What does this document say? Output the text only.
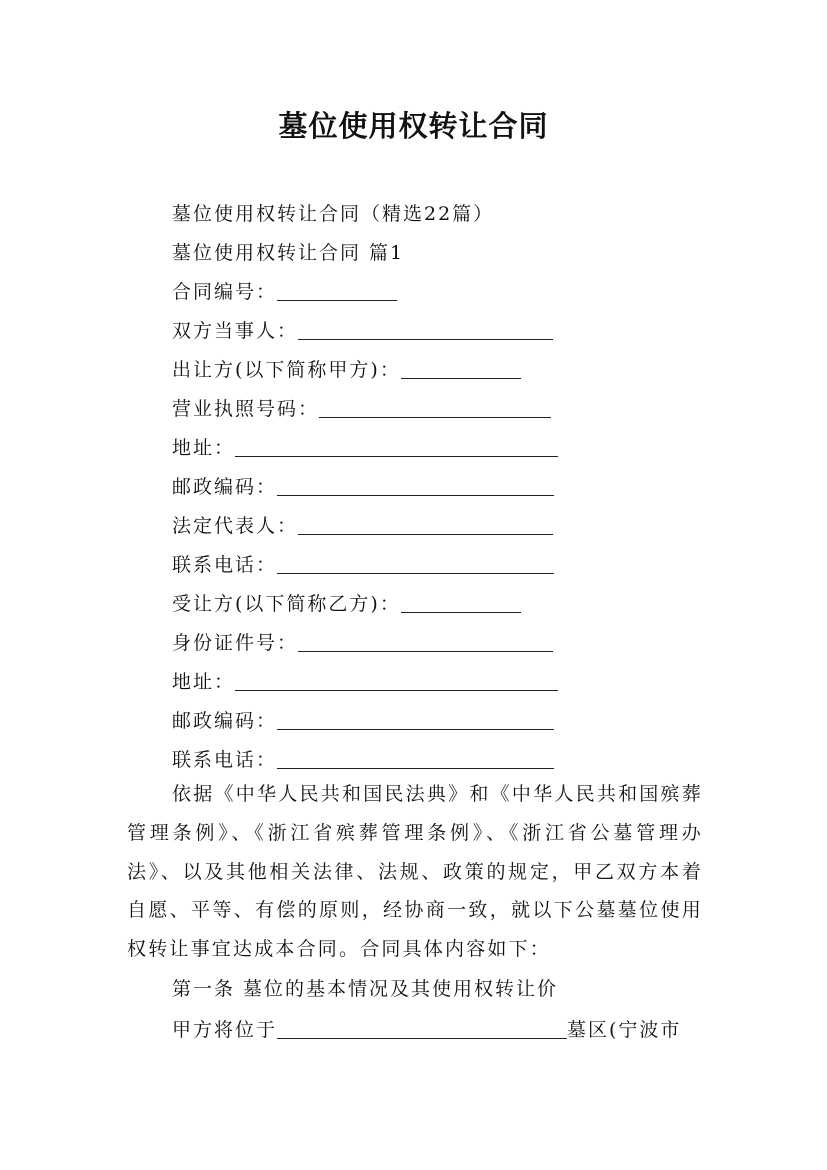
墓位使用权转让合同
墓位使用权转让合同（精选22篇）
墓位使用权转让合同 篇1
合同编号：
双方当事人：
出让方(以下简称甲方)：
营业执照号码：
地址：
邮政编码：
法定代表人：
联系电话：
受让方(以下简称乙方)：
身份证件号：
地址：
邮政编码：
联系电话：
依据《中华人民共和国民法典》和《中华人民共和国殡葬管理条例》、《浙江省殡葬管理条例》、《浙江省公墓管理办法》、以及其他相关法律、法规、政策的规定，甲乙双方本着自愿、平等、有偿的原则，经协商一致，就以下公墓墓位使用权转让事宜达成本合同。合同具体内容如下：
第一条 墓位的基本情况及其使用权转让价
甲方将位于	墓区(宁波市
